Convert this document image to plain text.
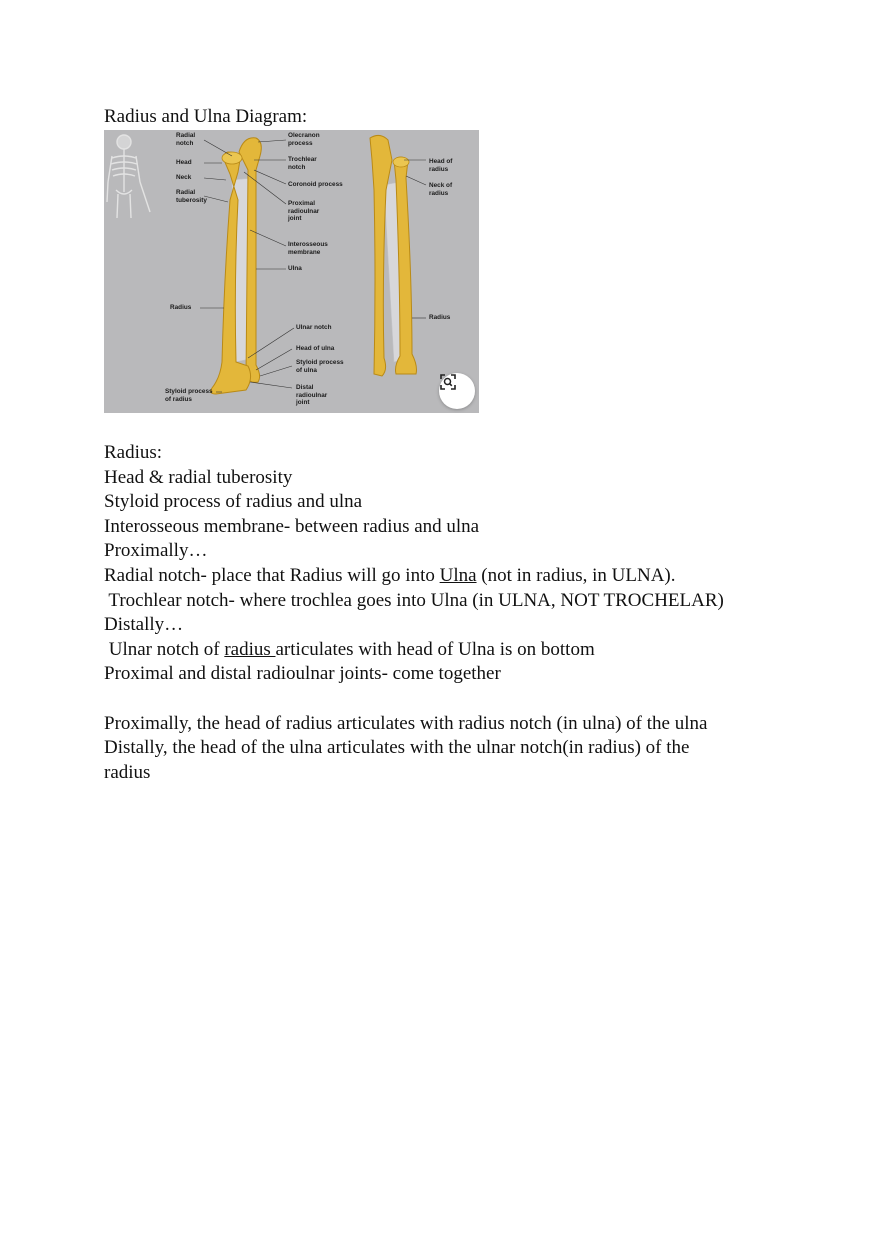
Radius and Ulna Diagram:
Radial
notch
Head
Neck
Radial
tuberosity
Radius
Styloid process
of radius
Olecranon
process
Trochlear
notch
Coronoid process
Proximal
radioulnar
joint
Interosseous
membrane
Ulna
Ulnar notch
Head of ulna
Styloid process
of ulna
Distal
radioulnar
joint
Head of
radius
Neck of
radius
Radius
Radius:
Head & radial tuberosity
Styloid process of radius and ulna
Interosseous membrane- between radius and ulna
Proximally…
Radial notch- place that Radius will go into Ulna (not in radius, in ULNA).
Trochlear notch- where trochlea goes into Ulna (in ULNA, NOT TROCHELAR)
Distally…
Ulnar notch of radius articulates with head of Ulna is on bottom
Proximal and distal radioulnar joints- come together
Proximally, the head of radius articulates with radius notch (in ulna) of the ulna
Distally, the head of the ulna articulates with the ulnar notch(in radius) of the
radius
